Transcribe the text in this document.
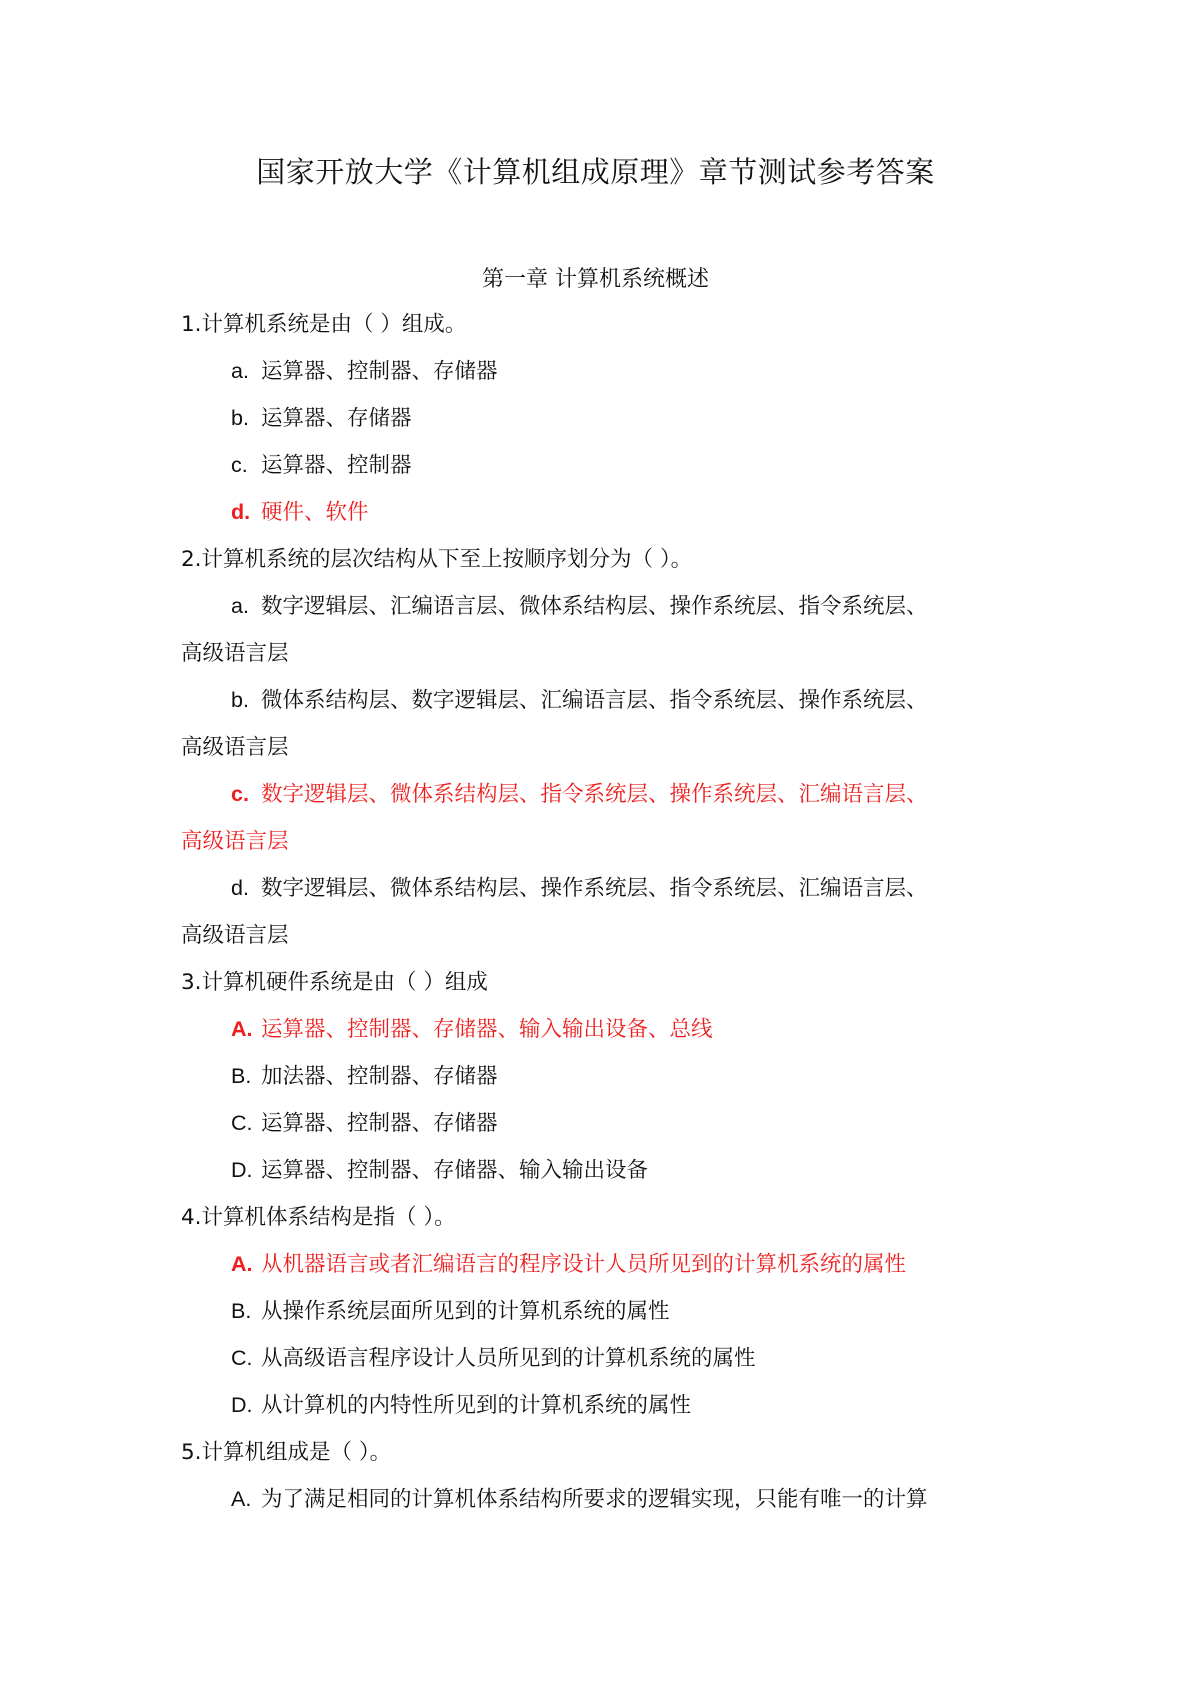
国家开放大学《计算机组成原理》章节测试参考答案
第一章 计算机系统概述
1.计算机系统是由（ ）组成。
a. 运算器、控制器、存储器
b. 运算器、存储器
c. 运算器、控制器
d. 硬件、软件
2.计算机系统的层次结构从下至上按顺序划分为（ ）。
a. 数字逻辑层、汇编语言层、微体系结构层、操作系统层、指令系统层、
高级语言层
b. 微体系结构层、数字逻辑层、汇编语言层、指令系统层、操作系统层、
高级语言层
c. 数字逻辑层、微体系结构层、指令系统层、操作系统层、汇编语言层、
高级语言层
d. 数字逻辑层、微体系结构层、操作系统层、指令系统层、汇编语言层、
高级语言层
3.计算机硬件系统是由（ ）组成
A. 运算器、控制器、存储器、输入输出设备、总线
B. 加法器、控制器、存储器
C. 运算器、控制器、存储器
D. 运算器、控制器、存储器、输入输出设备
4.计算机体系结构是指（ ）。
A. 从机器语言或者汇编语言的程序设计人员所见到的计算机系统的属性
B. 从操作系统层面所见到的计算机系统的属性
C. 从高级语言程序设计人员所见到的计算机系统的属性
D. 从计算机的内特性所见到的计算机系统的属性
5.计算机组成是（ ）。
A. 为了满足相同的计算机体系结构所要求的逻辑实现，只能有唯一的计算
